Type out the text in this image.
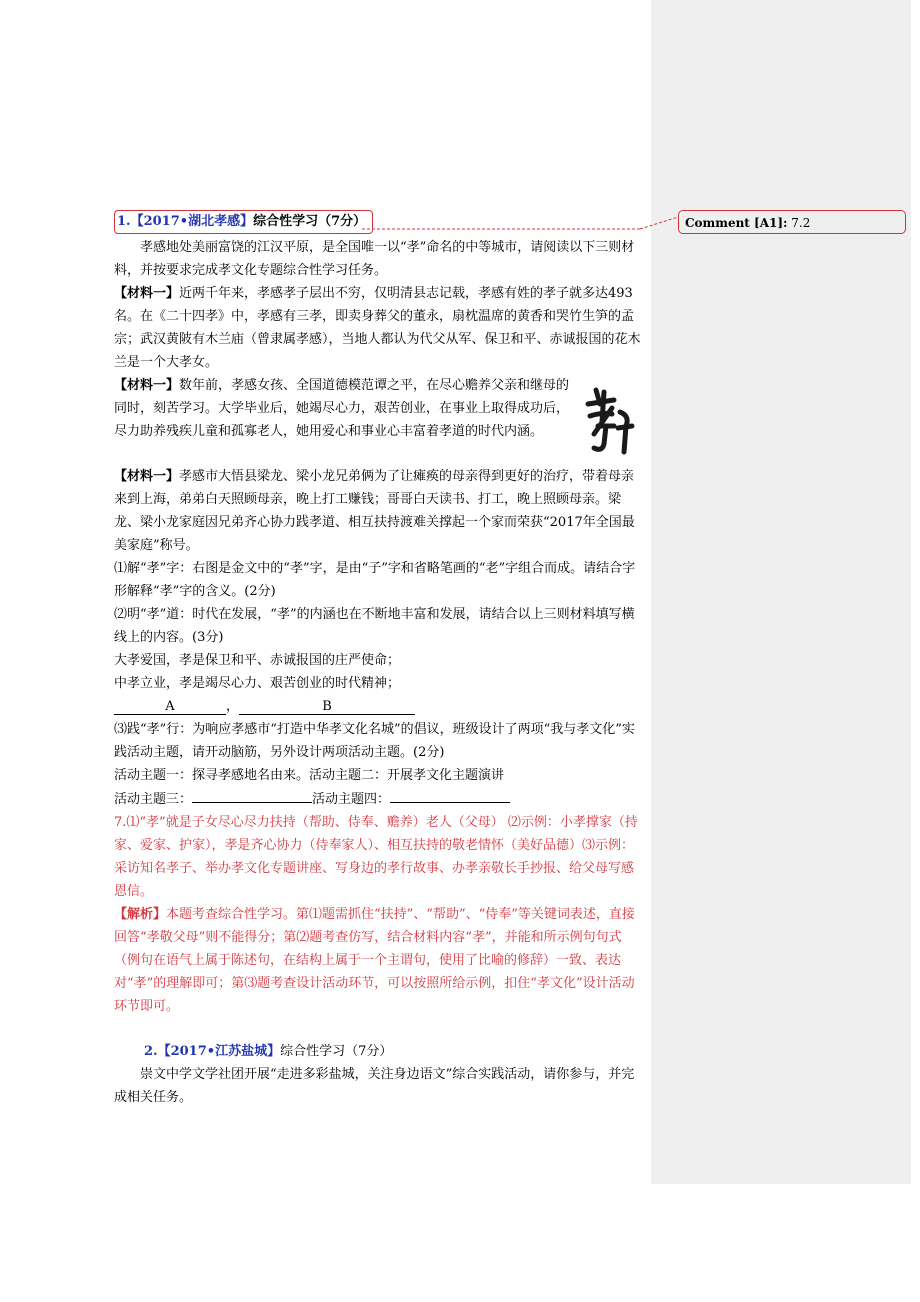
Comment [A1]: 7.2
1.【2017•湖北孝感】综合性学习（7分）

孝感地处美丽富饶的江汉平原，是全国唯一以“孝”命名的中等城市，请阅读以下三则材料，并按要求完成孝文化专题综合性学习任务。

【材料一】近两千年来，孝感孝子层出不穷，仅明清县志记载，孝感有姓的孝子就多达493名。在《二十四孝》中，孝感有三孝，即卖身葬父的董永，扇枕温席的黄香和哭竹生笋的孟宗；武汉黄陂有木兰庙（曾隶属孝感），当地人都认为代父从军、保卫和平、赤诚报国的花木兰是一个大孝女。

【材料一】数年前，孝感女孩、全国道德模范谭之平，在尽心赡养父亲和继母的同时，刻苦学习。大学毕业后，她竭尽心力，艰苦创业，在事业上取得成功后，尽力助养残疾儿童和孤寡老人，她用爱心和事业心丰富着孝道的时代内涵。

【材料一】孝感市大悟县梁龙、梁小龙兄弟俩为了让瘫痪的母亲得到更好的治疗，带着母亲来到上海，弟弟白天照顾母亲，晚上打工赚钱；哥哥白天读书、打工，晚上照顾母亲。梁龙、梁小龙家庭因兄弟齐心协力践孝道、相互扶持渡难关撑起一个家而荣获“2017年全国最美家庭”称号。

⑴解“孝”字：右图是金文中的“孝”字，是由“子”字和省略笔画的“老”字组合而成。请结合字形解释“孝”字的含义。(2分)

⑵明“孝”道：时代在发展，“孝”的内涵也在不断地丰富和发展，请结合以上三则材料填写横线上的内容。(3分)

大孝爱国，孝是保卫和平、赤诚报国的庄严使命；

中孝立业，孝是竭尽心力、艰苦创业的时代精神；

A	，	B

⑶践“孝”行：为响应孝感市“打造中华孝文化名城”的倡议，班级设计了两项“我与孝文化”实践活动主题，请开动脑筋，另外设计两项活动主题。(2分)

活动主题一：探寻孝感地名由来。活动主题二：开展孝文化主题演讲

活动主题三：	活动主题四：

7.⑴“孝”就是子女尽心尽力扶持（帮助、侍奉、赡养）老人（父母） ⑵示例：小孝撑家（持家、爱家、护家），孝是齐心协力（侍奉家人）、相互扶持的敬老情怀（美好品德）⑶示例：采访知名孝子、举办孝文化专题讲座、写身边的孝行故事、办孝亲敬长手抄报、给父母写感恩信。

【解析】本题考查综合性学习。第⑴题需抓住“扶持”、“帮助”、“侍奉”等关键词表述，直接回答“孝敬父母”则不能得分；第⑵题考查仿写，结合材料内容“孝”，并能和所示例句句式（例句在语气上属于陈述句，在结构上属于一个主谓句，使用了比喻的修辞）一致、表达对“孝”的理解即可；第⑶题考查设计活动环节，可以按照所给示例，扣住“孝文化”设计活动环节即可。

2.【2017•江苏盐城】综合性学习（7分）

崇文中学文学社团开展“走进多彩盐城，关注身边语文”综合实践活动，请你参与，并完成相关任务。
